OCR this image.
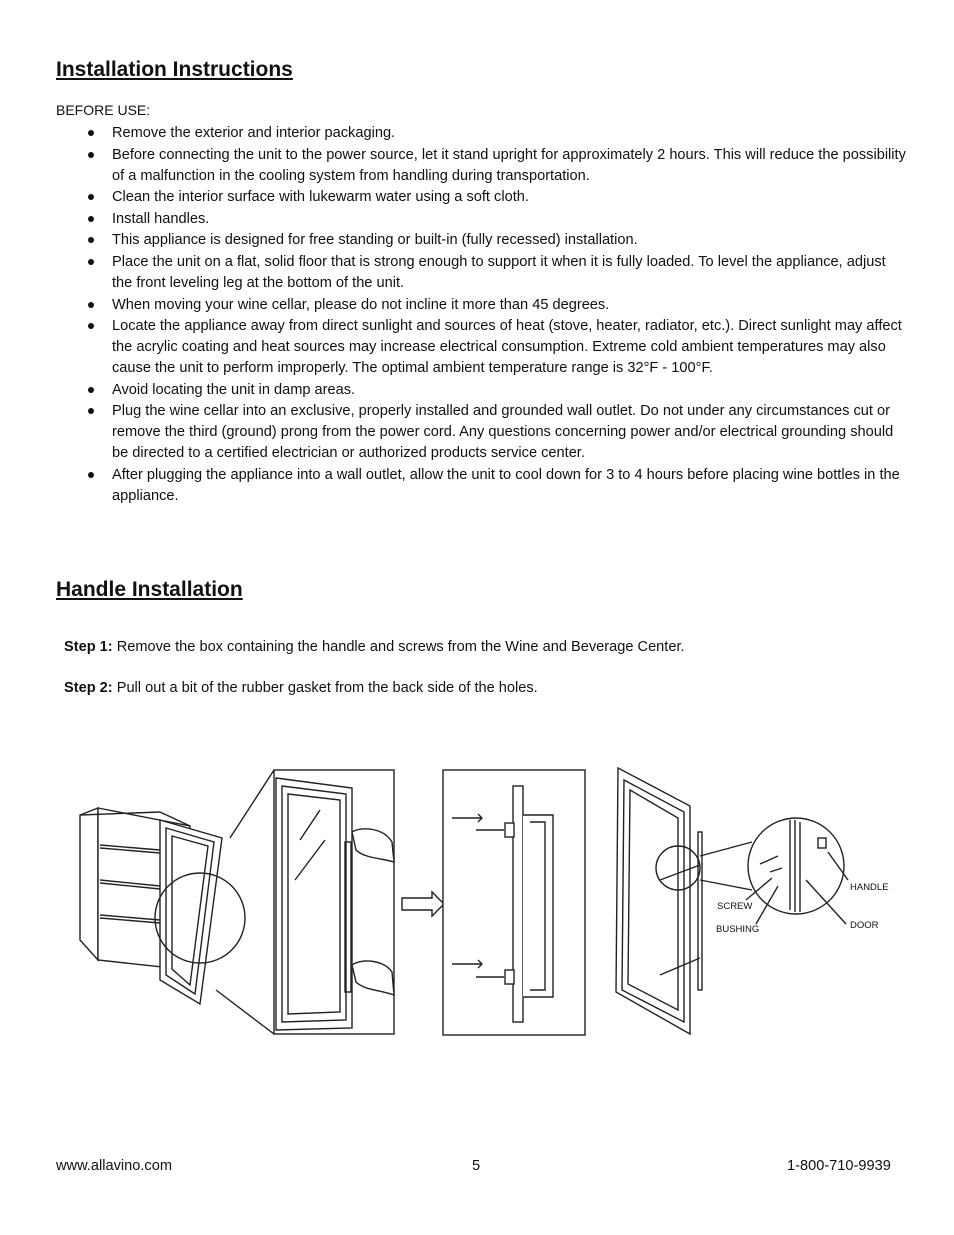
Installation Instructions
BEFORE USE:
Remove the exterior and interior packaging.
Before connecting the unit to the power source, let it stand upright for approximately 2 hours. This will reduce the possibility of a malfunction in the cooling system from handling during transportation.
Clean the interior surface with lukewarm water using a soft cloth.
Install handles.
This appliance is designed for free standing or built-in (fully recessed) installation.
Place the unit on a flat, solid floor that is strong enough to support it when it is fully loaded. To level the appliance, adjust the front leveling leg at the bottom of the unit.
When moving your wine cellar, please do not incline it more than 45 degrees.
Locate the appliance away from direct sunlight and sources of heat (stove, heater, radiator, etc.). Direct sunlight may affect the acrylic coating and heat sources may increase electrical consumption. Extreme cold ambient temperatures may also cause the unit to perform improperly. The optimal ambient temperature range is 32°F - 100°F.
Avoid locating the unit in damp areas.
Plug the wine cellar into an exclusive, properly installed and grounded wall outlet. Do not under any circumstances cut or remove the third (ground) prong from the power cord. Any questions concerning power and/or electrical grounding should be directed to a certified electrician or authorized products service center.
After plugging the appliance into a wall outlet, allow the unit to cool down for 3 to 4 hours before placing wine bottles in the appliance.
Handle Installation
Step 1: Remove the box containing the handle and screws from the Wine and Beverage Center.
Step 2: Pull out a bit of the rubber gasket from the back side of the holes.
HANDLE
SCREW
BUSHING	DOOR
www.allavino.com	5	1-800-710-9939
